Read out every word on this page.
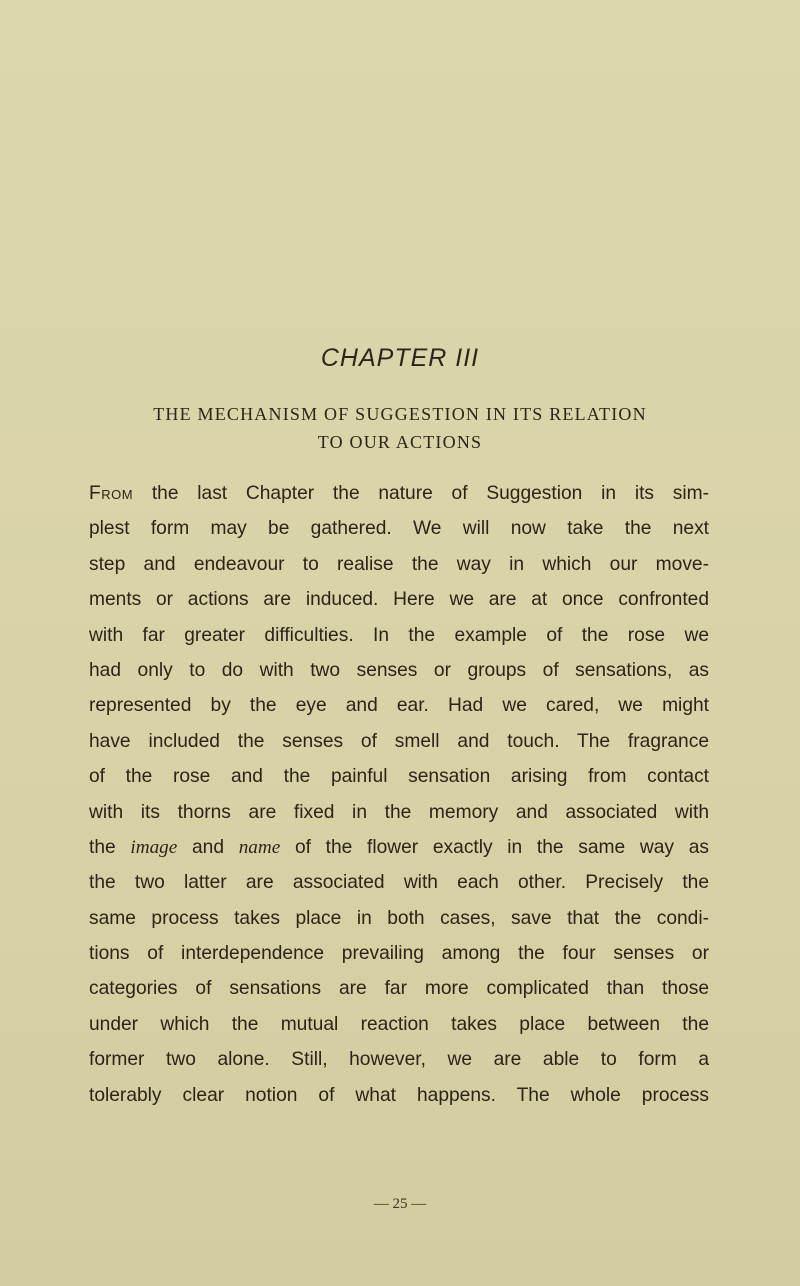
CHAPTER III
THE MECHANISM OF SUGGESTION IN ITS RELATION
TO OUR ACTIONS
From the last Chapter the nature of Suggestion in its sim-
plest form may be gathered. We will now take the next
step and endeavour to realise the way in which our move-
ments or actions are induced. Here we are at once confronted
with far greater difficulties. In the example of the rose we
had only to do with two senses or groups of sensations, as
represented by the eye and ear. Had we cared, we might
have included the senses of smell and touch. The fragrance
of the rose and the painful sensation arising from contact
with its thorns are fixed in the memory and associated with
the image and name of the flower exactly in the same way as
the two latter are associated with each other. Precisely the
same process takes place in both cases, save that the condi-
tions of interdependence prevailing among the four senses or
categories of sensations are far more complicated than those
under which the mutual reaction takes place between the
former two alone. Still, however, we are able to form a
tolerably clear notion of what happens. The whole process
— 25 —
